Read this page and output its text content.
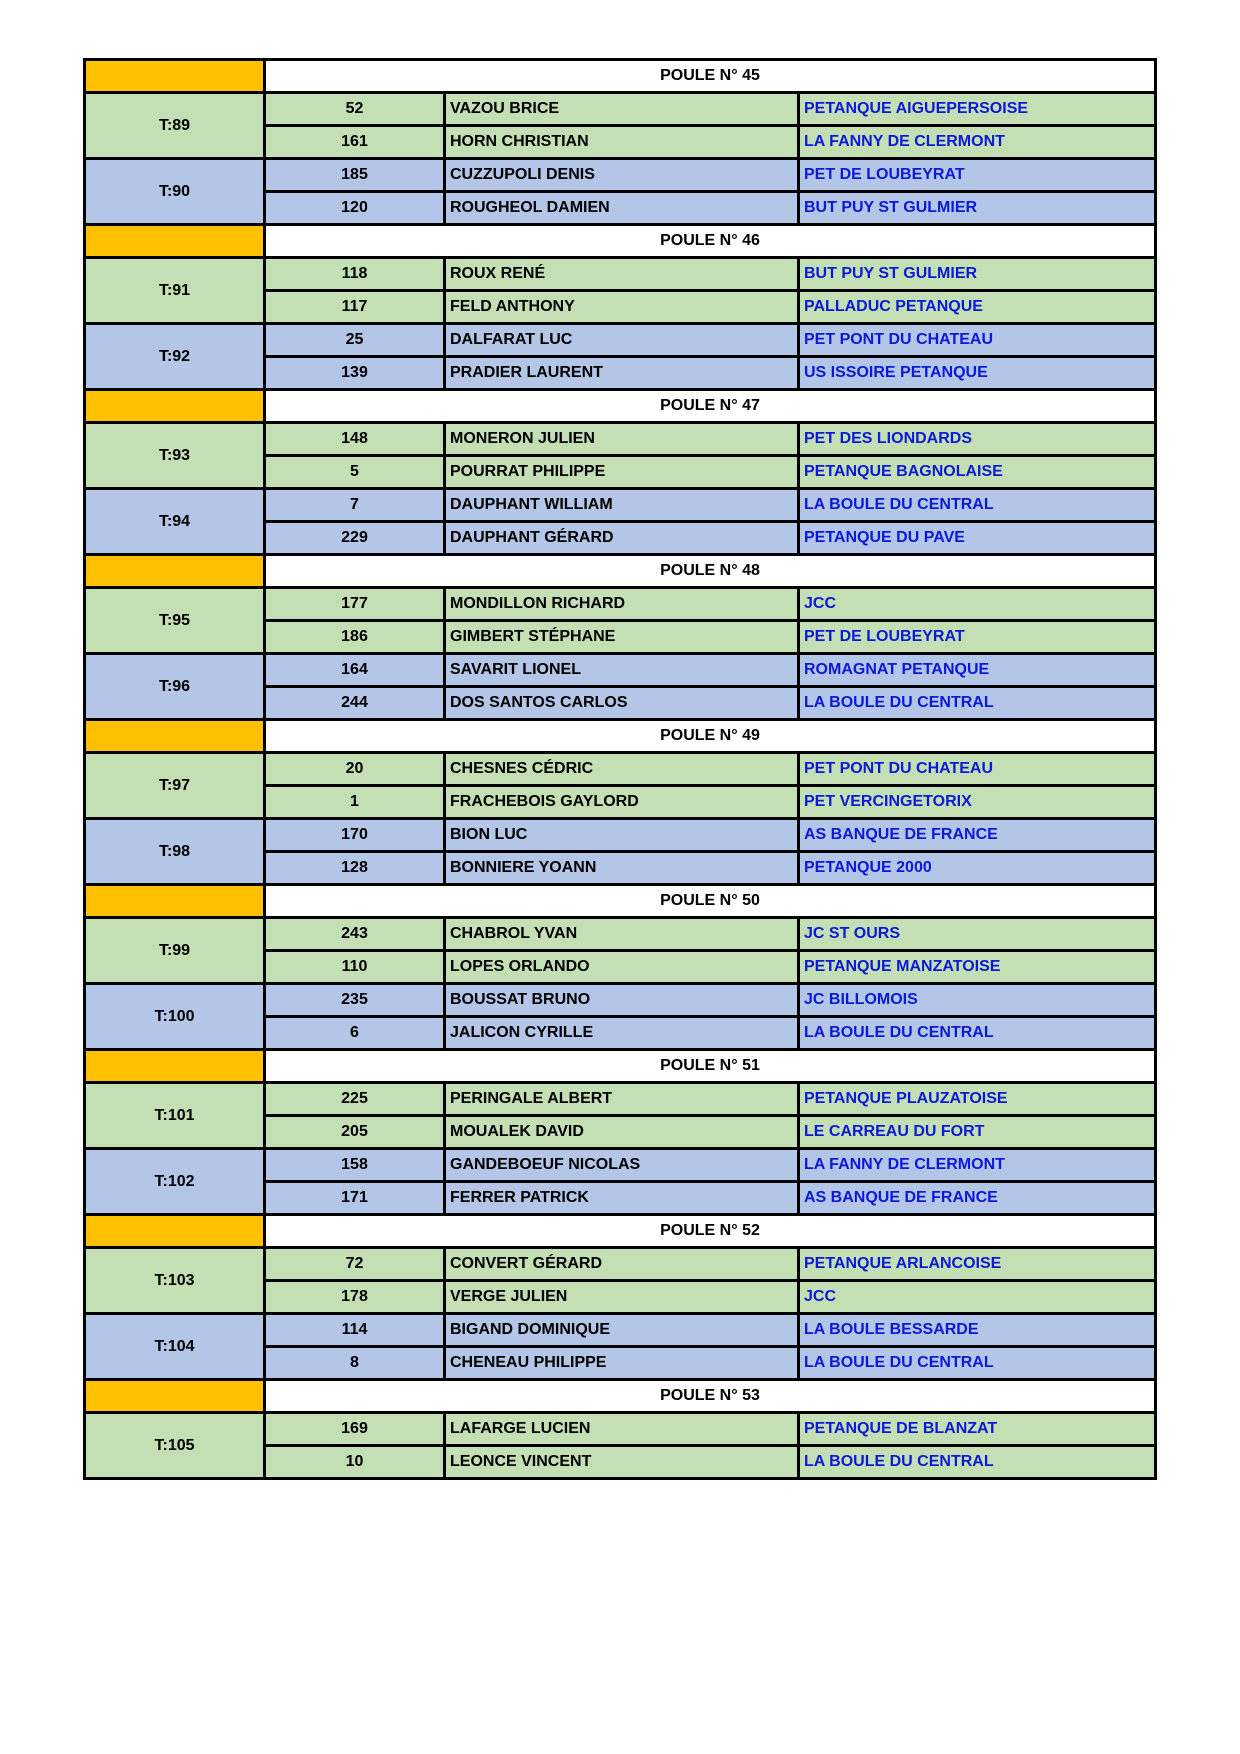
	POULE N° 45		
T:89	52	VAZOU BRICE	PETANQUE AIGUEPERSOISE
	161	HORN CHRISTIAN	LA FANNY DE CLERMONT
T:90	185	CUZZUPOLI DENIS	PET DE LOUBEYRAT
	120	ROUGHEOL DAMIEN	BUT PUY ST GULMIER
	POULE N° 46		
T:91	118	ROUX RENÉ	BUT PUY ST GULMIER
	117	FELD ANTHONY	PALLADUC PETANQUE
T:92	25	DALFARAT LUC	PET PONT DU CHATEAU
	139	PRADIER LAURENT	US ISSOIRE PETANQUE
	POULE N° 47		
T:93	148	MONERON JULIEN	PET DES LIONDARDS
	5	POURRAT PHILIPPE	PETANQUE BAGNOLAISE
T:94	7	DAUPHANT WILLIAM	LA BOULE DU CENTRAL
	229	DAUPHANT GÉRARD	PETANQUE DU PAVE
	POULE N° 48		
T:95	177	MONDILLON RICHARD	JCC
	186	GIMBERT STÉPHANE	PET DE LOUBEYRAT
T:96	164	SAVARIT LIONEL	ROMAGNAT PETANQUE
	244	DOS SANTOS CARLOS	LA BOULE DU CENTRAL
	POULE N° 49		
T:97	20	CHESNES CÉDRIC	PET PONT DU CHATEAU
	1	FRACHEBOIS GAYLORD	PET VERCINGETORIX
T:98	170	BION LUC	AS BANQUE DE FRANCE
	128	BONNIERE YOANN	PETANQUE 2000
	POULE N° 50		
T:99	243	CHABROL YVAN	JC ST OURS
	110	LOPES ORLANDO	PETANQUE MANZATOISE
T:100	235	BOUSSAT BRUNO	JC BILLOMOIS
	6	JALICON CYRILLE	LA BOULE DU CENTRAL
	POULE N° 51		
T:101	225	PERINGALE ALBERT	PETANQUE PLAUZATOISE
	205	MOUALEK DAVID	LE CARREAU DU FORT
T:102	158	GANDEBOEUF NICOLAS	LA FANNY DE CLERMONT
	171	FERRER PATRICK	AS BANQUE DE FRANCE
	POULE N° 52		
T:103	72	CONVERT GÉRARD	PETANQUE ARLANCOISE
	178	VERGE JULIEN	JCC
T:104	114	BIGAND DOMINIQUE	LA BOULE BESSARDE
	8	CHENEAU PHILIPPE	LA BOULE DU CENTRAL
	POULE N° 53		
T:105	169	LAFARGE LUCIEN	PETANQUE DE BLANZAT
	10	LEONCE VINCENT	LA BOULE DU CENTRAL
